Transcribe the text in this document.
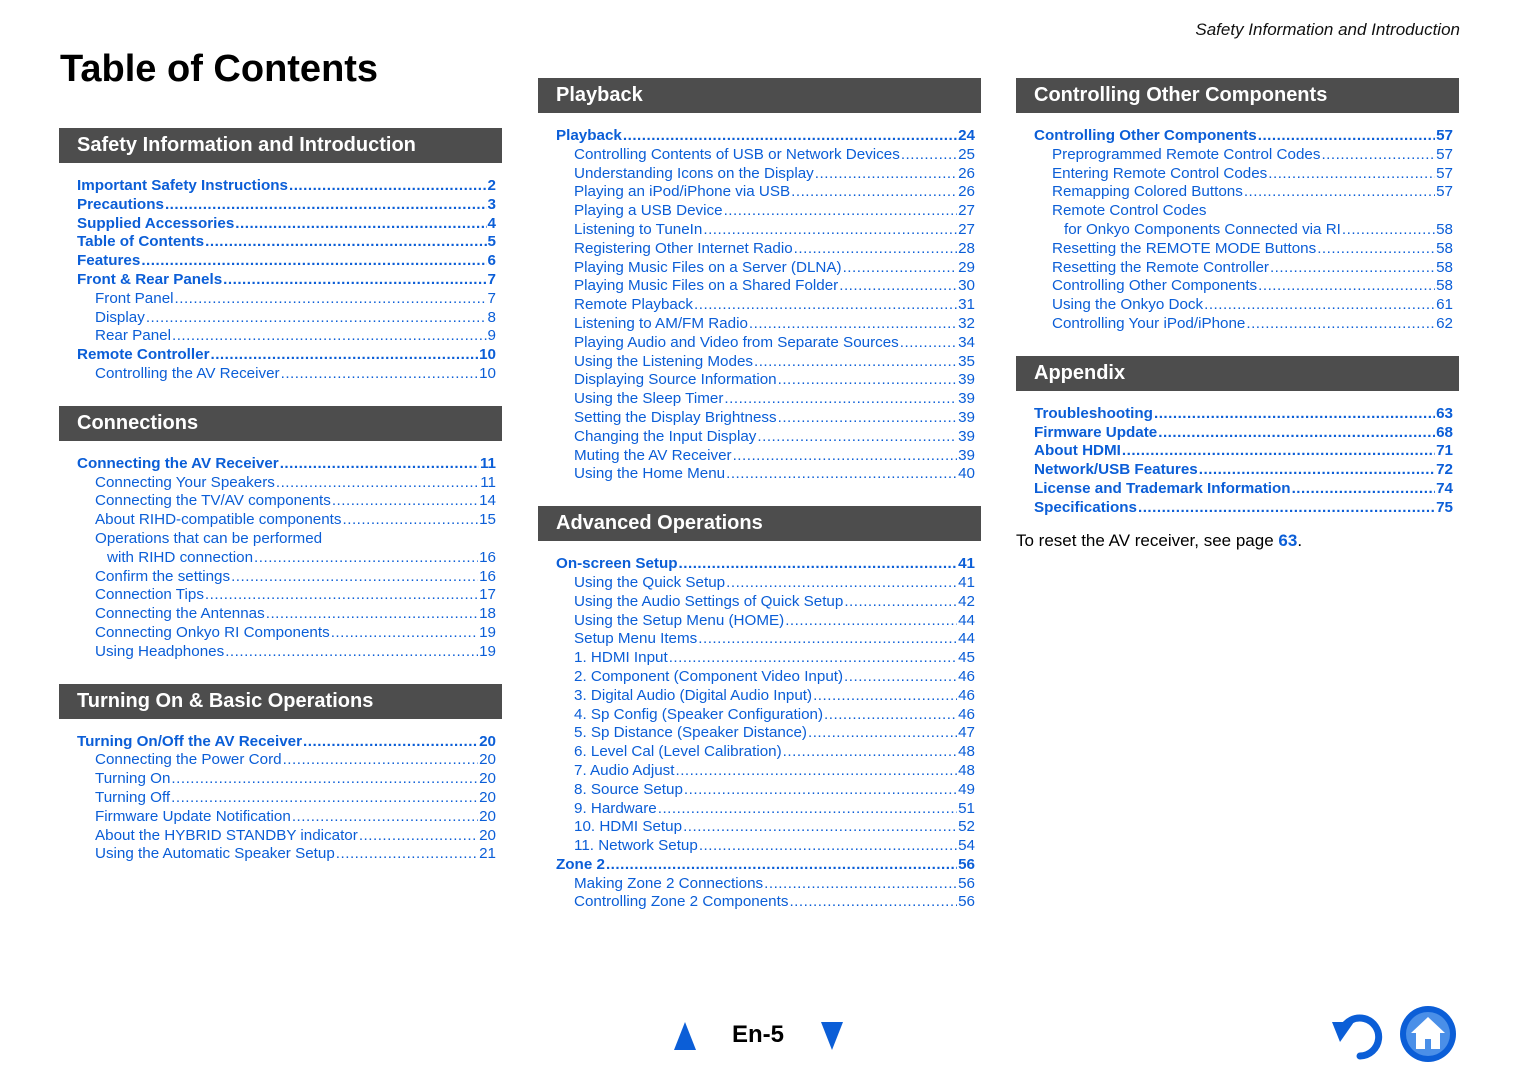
Safety Information and Introduction
Table of Contents
Safety Information and Introduction
Important Safety Instructions .....	2
Precautions .....	3
Supplied Accessories .....	4
Table of Contents .....	5
Features .....	6
Front & Rear Panels .....	7
Front Panel .....	7
Display .....	8
Rear Panel .....	9
Remote Controller .....	10
Controlling the AV Receiver .....	10
Connections
Connecting the AV Receiver .....	11
Connecting Your Speakers .....	11
Connecting the TV/AV components .....	14
About RIHD-compatible components .....	15
Operations that can be performed
with RIHD connection .....	16
Confirm the settings .....	16
Connection Tips .....	17
Connecting the Antennas .....	18
Connecting Onkyo RI Components .....	19
Using Headphones .....	19
Turning On & Basic Operations
Turning On/Off the AV Receiver .....	20
Connecting the Power Cord .....	20
Turning On .....	20
Turning Off .....	20
Firmware Update Notification .....	20
About the HYBRID STANDBY indicator .....	20
Using the Automatic Speaker Setup .....	21
Playback
Playback .....	24
Controlling Contents of USB or Network Devices .....	25
Understanding Icons on the Display .....	26
Playing an iPod/iPhone via USB .....	26
Playing a USB Device .....	27
Listening to TuneIn .....	27
Registering Other Internet Radio .....	28
Playing Music Files on a Server (DLNA) .....	29
Playing Music Files on a Shared Folder .....	30
Remote Playback .....	31
Listening to AM/FM Radio .....	32
Playing Audio and Video from Separate Sources .....	34
Using the Listening Modes .....	35
Displaying Source Information .....	39
Using the Sleep Timer .....	39
Setting the Display Brightness .....	39
Changing the Input Display .....	39
Muting the AV Receiver .....	39
Using the Home Menu .....	40
Advanced Operations
On-screen Setup .....	41
Using the Quick Setup .....	41
Using the Audio Settings of Quick Setup .....	42
Using the Setup Menu (HOME) .....	44
Setup Menu Items .....	44
1. HDMI Input .....	45
2. Component (Component Video Input) .....	46
3. Digital Audio (Digital Audio Input) .....	46
4. Sp Config (Speaker Configuration) .....	46
5. Sp Distance (Speaker Distance) .....	47
6. Level Cal (Level Calibration) .....	48
7. Audio Adjust .....	48
8. Source Setup .....	49
9. Hardware .....	51
10. HDMI Setup .....	52
11. Network Setup .....	54
Zone 2 .....	56
Making Zone 2 Connections .....	56
Controlling Zone 2 Components .....	56
Controlling Other Components
Controlling Other Components .....	57
Preprogrammed Remote Control Codes .....	57
Entering Remote Control Codes .....	57
Remapping Colored Buttons .....	57
Remote Control Codes
for Onkyo Components Connected via RI .....	58
Resetting the REMOTE MODE Buttons .....	58
Resetting the Remote Controller .....	58
Controlling Other Components .....	58
Using the Onkyo Dock .....	61
Controlling Your iPod/iPhone .....	62
Appendix
Troubleshooting .....	63
Firmware Update .....	68
About HDMI .....	71
Network/USB Features .....	72
License and Trademark Information .....	74
Specifications .....	75
To reset the AV receiver, see page 63.
En-5
